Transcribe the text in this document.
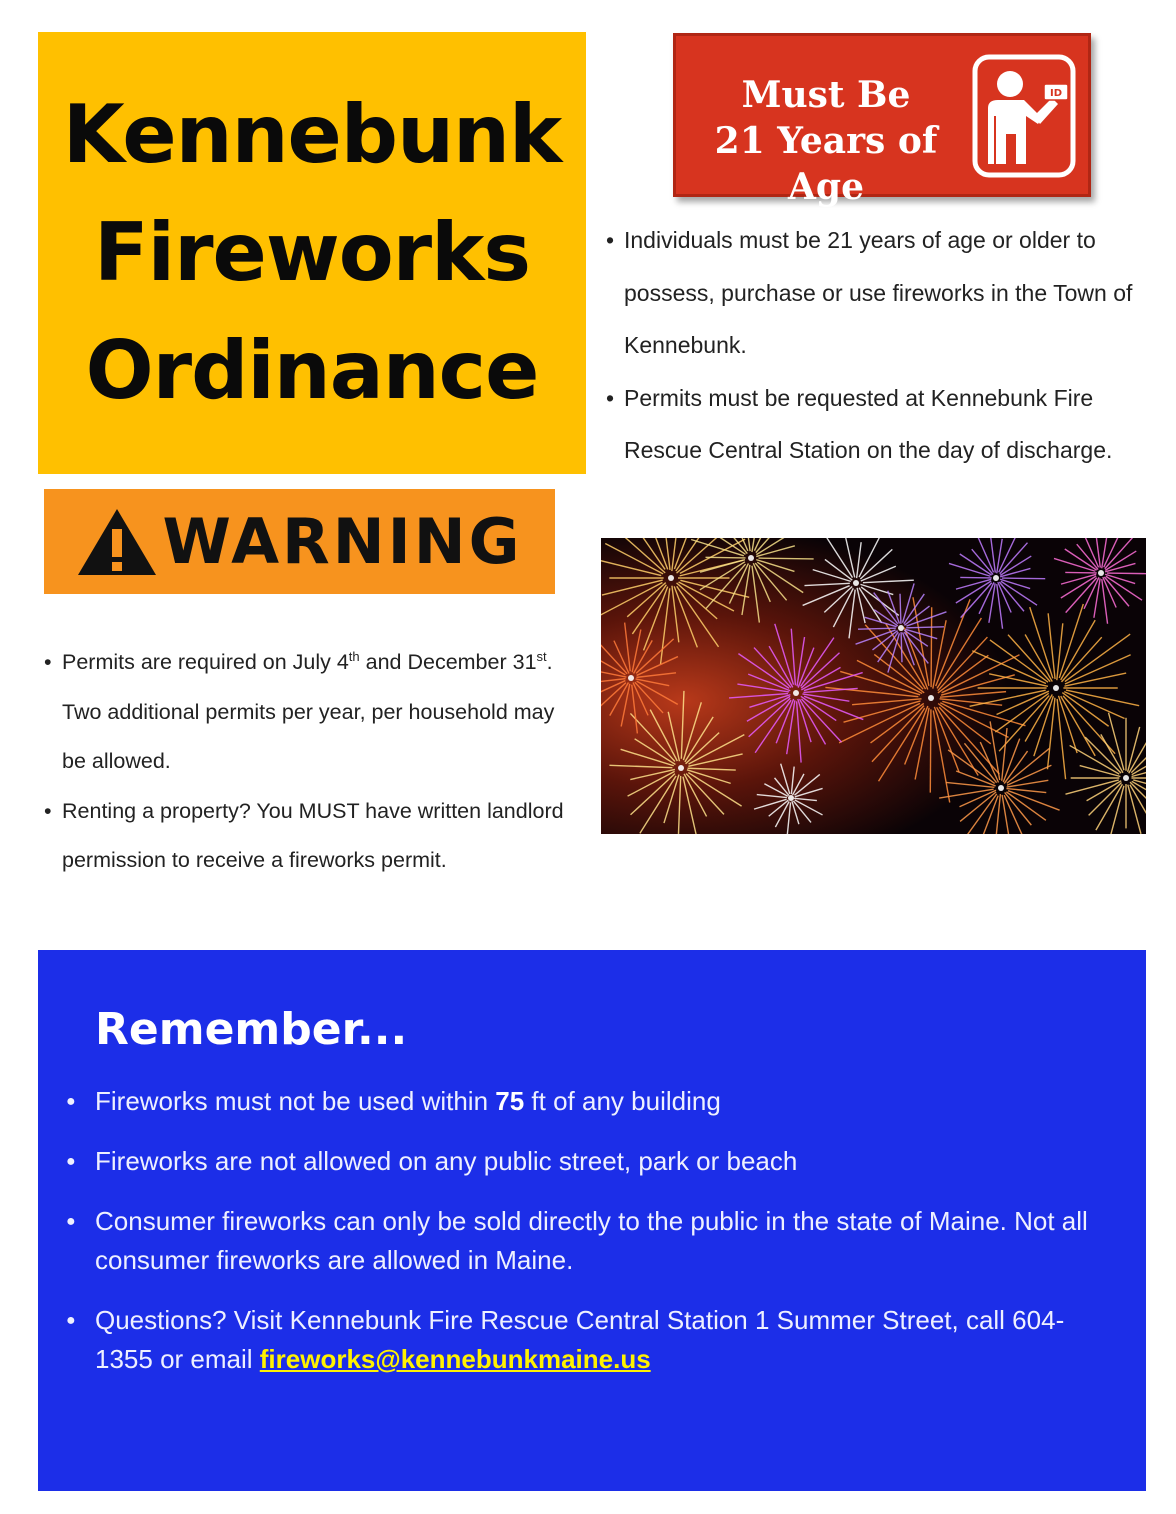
Kennebunk
Fireworks
Ordinance
WARNING
Must Be
21 Years of Age
ID
• Individuals must be 21 years of age or older to possess, purchase or use fireworks in the Town of Kennebunk.
• Permits must be requested at Kennebunk Fire Rescue Central Station on the day of discharge.
• Permits are required on July 4th and December 31st. Two additional permits per year, per household may be allowed.
• Renting a property? You MUST have written landlord permission to receive a fireworks permit.
Remember...
● Fireworks must not be used within 75 ft of any building
● Fireworks are not allowed on any public street, park or beach
● Consumer fireworks can only be sold directly to the public in the state of Maine. Not all consumer fireworks are allowed in Maine.
● Questions? Visit Kennebunk Fire Rescue Central Station 1 Summer Street, call 604-1355 or email fireworks@kennebunkmaine.us
